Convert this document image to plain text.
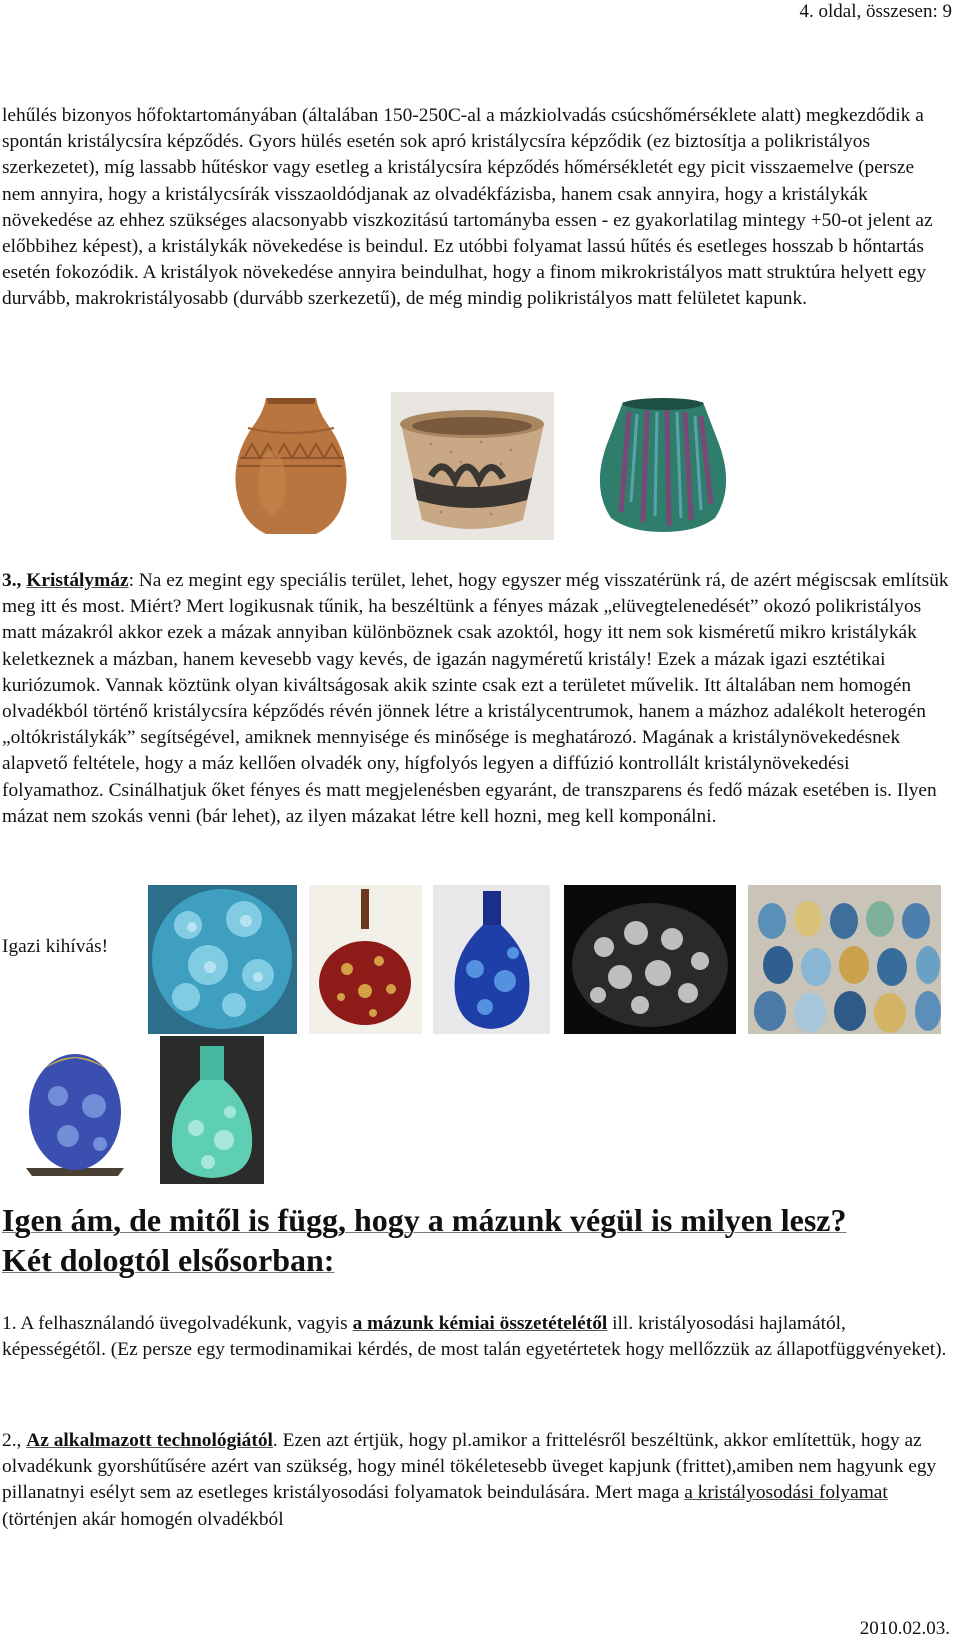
4. oldal, összesen: 9

lehűlés bizonyos hőfoktartományában (általában 150-250C-al a mázkiolvadás csúcshőmérséklete alatt) megkezdődik a spontán kristálycsíra képződés. Gyors hülés esetén sok apró kristálycsíra képződik (ez biztosítja a polikristályos szerkezetet), míg lassabb hűtéskor vagy esetleg a kristálycsíra képződés hőmérsékletét egy picit visszaemelve (persze nem annyira, hogy a kristálycsírák visszaoldódjanak az olvadékfázisba, hanem csak annyira, hogy a kristálykák növekedése az ehhez szükséges alacsonyabb viszkozitású tartományba essen - ez gyakorlatilag mintegy +50-ot jelent az előbbihez képest), a kristálykák növekedése is beindul. Ez utóbbi folyamat lassú hűtés és esetleges hosszab b hőntartás esetén fokozódik. A kristályok növekedése annyira beindulhat, hogy a finom mikrokristályos matt struktúra helyett egy durvább, makrokristályosabb (durvább szerkezetű), de még mindig polikristályos matt felületet kapunk.

3., Kristálymáz: Na ez megint egy speciális terület, lehet, hogy egyszer még visszatérünk rá, de azért mégiscsak említsük meg itt és most. Miért? Mert logikusnak tűnik, ha beszéltünk a fényes mázak „elüvegtelenedését” okozó polikristályos matt mázakról akkor ezek a mázak annyiban különböznek csak azoktól, hogy itt nem sok kisméretű mikro kristálykák keletkeznek a mázban, hanem kevesebb vagy kevés, de igazán nagyméretű kristály! Ezek a mázak igazi esztétikai kuriózumok. Vannak köztünk olyan kiváltságosak akik szinte csak ezt a területet művelik. Itt általában nem homogén olvadékból történő kristálycsíra képződés révén jönnek létre a kristálycentrumok, hanem a mázhoz adalékolt heterogén „oltókristálykák” segítségével, amiknek mennyisége és minősége is meghatározó. Magának a kristálynövekedésnek alapvető feltétele, hogy a máz kellően olvadék ony, hígfolyós legyen a diffúzió kontrollált kristálynövekedési folyamathoz. Csinálhatjuk őket fényes és matt megjelenésben egyaránt, de transzparens és fedő mázak esetében is. Ilyen mázat nem szokás venni (bár lehet), az ilyen mázakat létre kell hozni, meg kell komponálni.

Igazi kihívás!
Igen ám, de mitől is függ, hogy a mázunk végül is milyen lesz?
Két dologtól elsősorban:

1. A felhasználandó üvegolvadékunk, vagyis a mázunk kémiai összetételétől ill. kristályosodási hajlamától, képességétől. (Ez persze egy termodinamikai kérdés, de most talán egyetértetek hogy mellőzzük az állapotfüggvényeket).

2., Az alkalmazott technológiától. Ezen azt értjük, hogy pl.amikor a frittelésről beszéltünk, akkor említettük, hogy az olvadékunk gyorshűtűsére azért van szükség, hogy minél tökéletesebb üveget kapjunk (frittet),amiben nem hagyunk egy pillanatnyi esélyt sem az esetleges kristályosodási folyamatok beindulására. Mert maga a kristályosodási folyamat (történjen akár homogén olvadékból

2010.02.03.
